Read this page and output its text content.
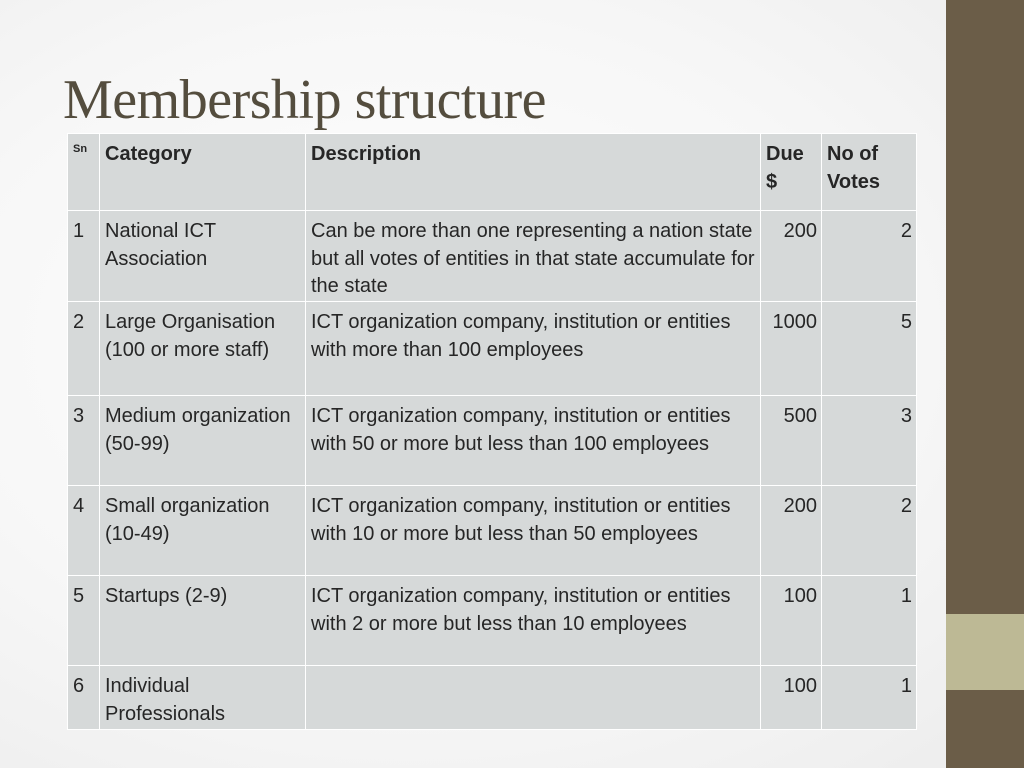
Membership structure
Sn	Category	Description	Due $	No of Votes
1	National ICT Association	Can be more than one representing a nation state but all votes of entities in that state accumulate for the state	200	2
2	Large Organisation (100 or more staff)	ICT organization company, institution or entities with more than 100 employees	1000	5
3	Medium organization (50-99)	ICT organization company, institution or entities with 50 or more but less than 100 employees	500	3
4	Small organization (10-49)	ICT organization company, institution or entities with 10 or more but less than 50 employees	200	2
5	Startups (2-9)	ICT organization company, institution or entities with 2 or more but less than 10 employees	100	1
6	Individual Professionals		100	1
